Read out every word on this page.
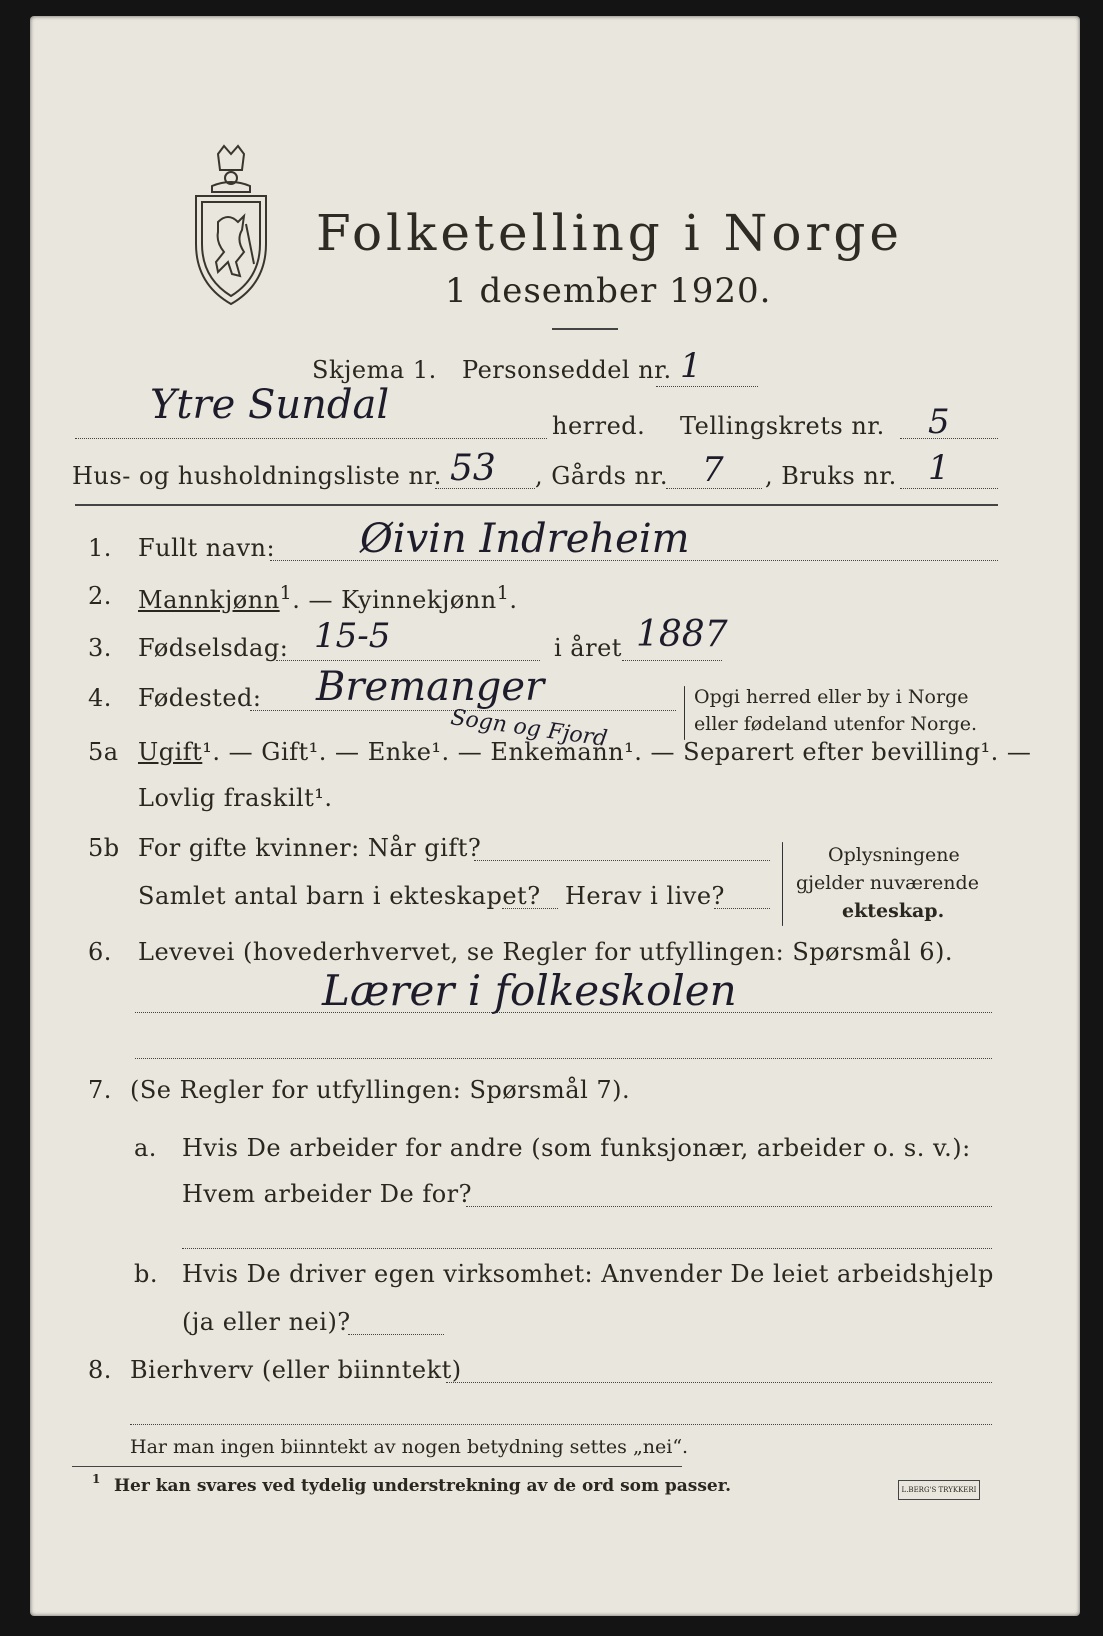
Folketelling i Norge
1 desember 1920.
Skjema 1. Personseddel nr. 1
Ytre Sundal	herred. Tellingskrets nr. 5
Hus- og husholdningsliste nr. 53 , Gårds nr. 7 , Bruks nr. 1
1. Fullt navn: Øivin Indreheim
2. Mannkjønn$^1$. — Kyinnekjønn$^1$.
3. Fødselsdag: 15-5	i året 1887
4. Fødested: Bremanger	Opgi herred eller by i Norge
eller fødeland utenfor Norge.
5a Ugift¹. — Gift¹. — Enke¹. — Enkemann¹. — Separert efter bevilling¹. —
Sogn og Fjord
Lovlig fraskilt¹.
5b For gifte kvinner: Når gift?
Samlet antal barn i ekteskapet? Herav i live?
Oplysningene
gjelder nuværende
ekteskap.
6. Levevei (hovederhvervet, se Regler for utfyllingen: Spørsmål 6).
Lærer i folkeskolen
7. (Se Regler for utfyllingen: Spørsmål 7).
a. Hvis De arbeider for andre (som funksjonær, arbeider o. s. v.):
Hvem arbeider De for?
b. Hvis De driver egen virksomhet: Anvender De leiet arbeidshjelp
(ja eller nei)?
8. Bierhverv (eller biinntekt)
Har man ingen biinntekt av nogen betydning settes „nei“.
1 Her kan svares ved tydelig understrekning av de ord som passer.	L.BERG'S TRYKKERI
